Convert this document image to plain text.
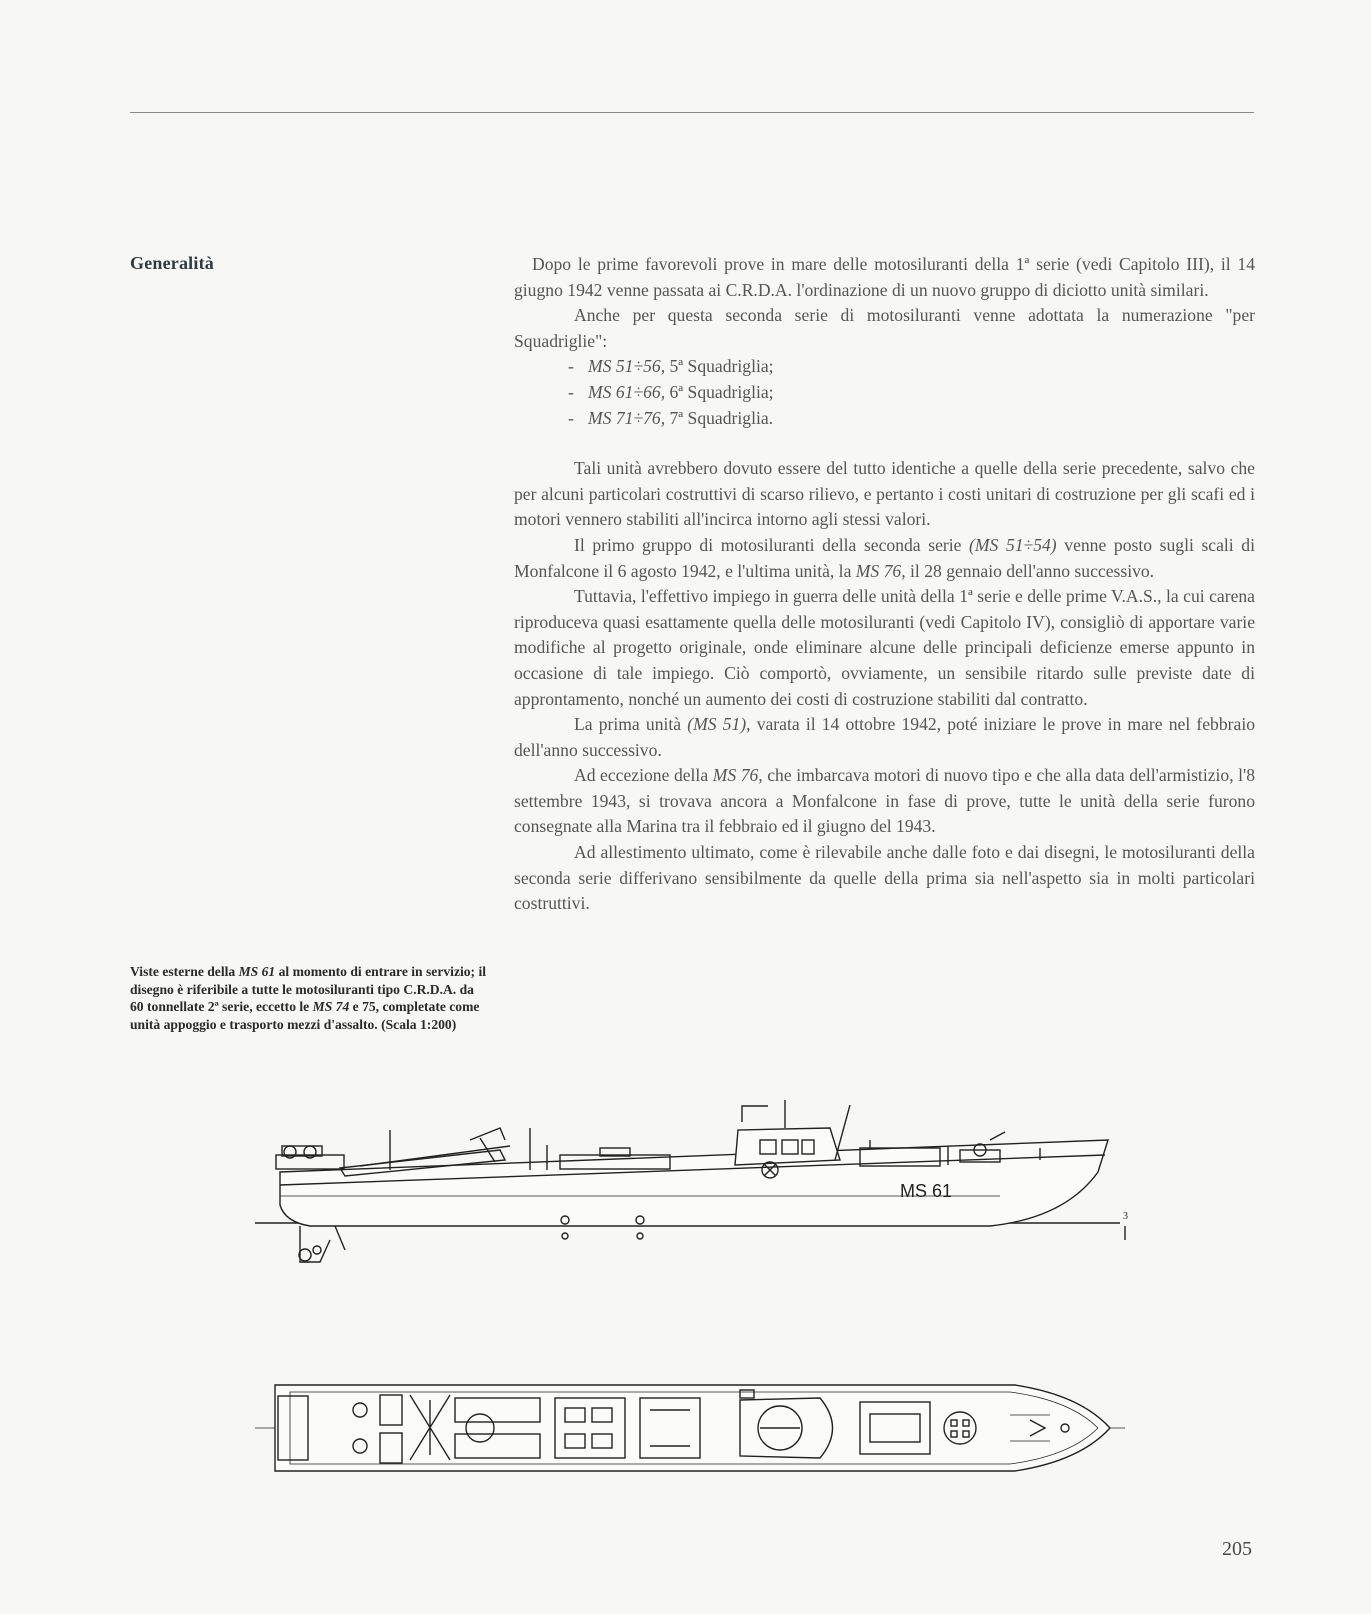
Generalità	Dopo le prime favorevoli prove in mare delle motosiluranti della 1ª serie (vedi Capitolo III), il 14 giugno 1942 venne passata ai C.R.D.A. l'ordinazione di un nuovo gruppo di diciotto unità similari.

Anche per questa seconda serie di motosiluranti venne adottata la numerazione "per Squadriglie":

- MS 51÷56, 5ª Squadriglia;
- MS 61÷66, 6ª Squadriglia;
- MS 71÷76, 7ª Squadriglia.

Tali unità avrebbero dovuto essere del tutto identiche a quelle della serie precedente, salvo che per alcuni particolari costruttivi di scarso rilievo, e pertanto i costi unitari di costruzione per gli scafi ed i motori vennero stabiliti all'incirca intorno agli stessi valori.

Il primo gruppo di motosiluranti della seconda serie (MS 51÷54) venne posto sugli scali di Monfalcone il 6 agosto 1942, e l'ultima unità, la MS 76, il 28 gennaio dell'anno successivo.

Tuttavia, l'effettivo impiego in guerra delle unità della 1ª serie e delle prime V.A.S., la cui carena riproduceva quasi esattamente quella delle motosiluranti (vedi Capitolo IV), consigliò di apportare varie modifiche al progetto originale, onde eliminare alcune delle principali deficienze emerse appunto in occasione di tale impiego. Ciò comportò, ovviamente, un sensibile ritardo sulle previste date di approntamento, nonché un aumento dei costi di costruzione stabiliti dal contratto.

La prima unità (MS 51), varata il 14 ottobre 1942, poté iniziare le prove in mare nel febbraio dell'anno successivo.

Ad eccezione della MS 76, che imbarcava motori di nuovo tipo e che alla data dell'armistizio, l'8 settembre 1943, si trovava ancora a Monfalcone in fase di prove, tutte le unità della serie furono consegnate alla Marina tra il febbraio ed il giugno del 1943.

Ad allestimento ultimato, come è rilevabile anche dalle foto e dai disegni, le motosiluranti della seconda serie differivano sensibilmente da quelle della prima sia nell'aspetto sia in molti particolari costruttivi.

Viste esterne della MS 61 al momento di entrare in servizio; il disegno è riferibile a tutte le motosiluranti tipo C.R.D.A. da 60 tonnellate 2ª serie, eccetto le MS 74 e 75, completate come unità appoggio e trasporto mezzi d'assalto. (Scala 1:200)
3
MS 61
205
